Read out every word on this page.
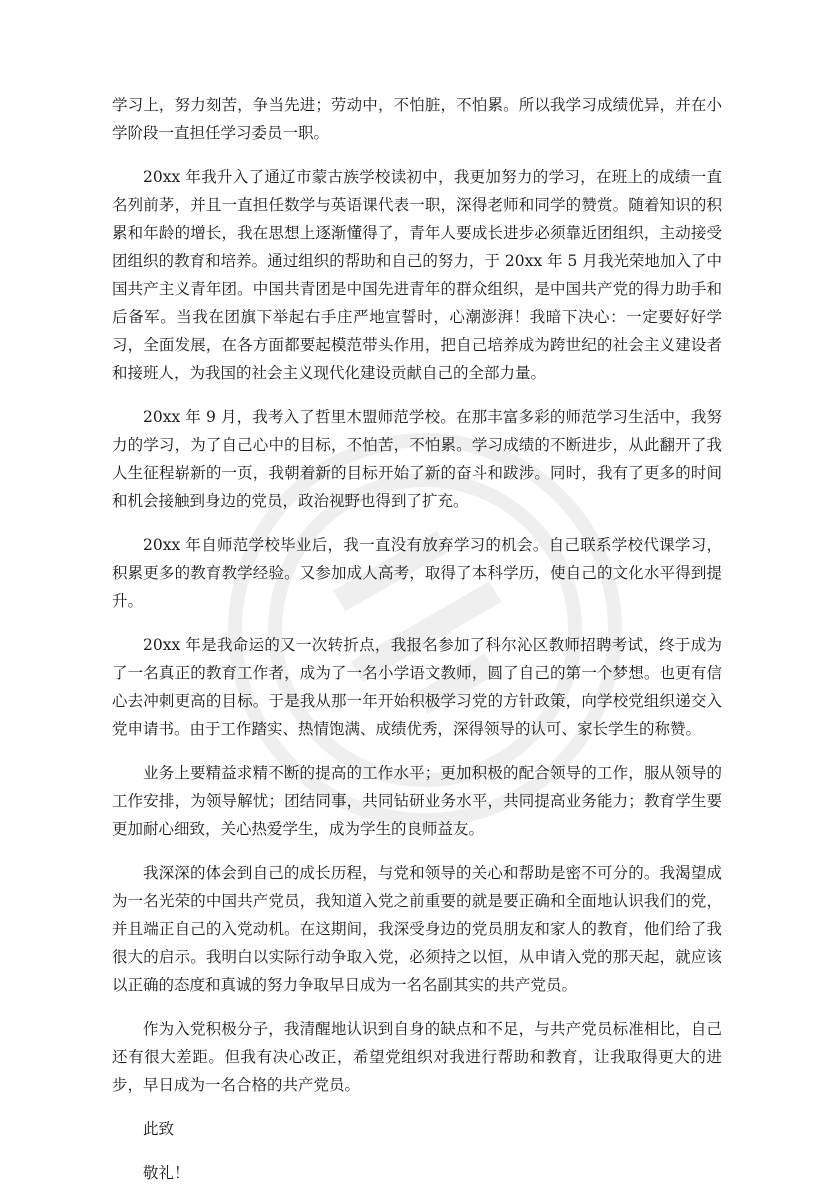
学习上，努力刻苦，争当先进；劳动中，不怕脏，不怕累。所以我学习成绩优异，并在小学阶段一直担任学习委员一职。

20xx 年我升入了通辽市蒙古族学校读初中，我更加努力的学习，在班上的成绩一直名列前茅，并且一直担任数学与英语课代表一职，深得老师和同学的赞赏。随着知识的积累和年龄的增长，我在思想上逐渐懂得了，青年人要成长进步必须靠近团组织，主动接受团组织的教育和培养。通过组织的帮助和自己的努力，于 20xx 年 5 月我光荣地加入了中国共产主义青年团。中国共青团是中国先进青年的群众组织，是中国共产党的得力助手和后备军。当我在团旗下举起右手庄严地宣誓时，心潮澎湃！我暗下决心：一定要好好学习，全面发展，在各方面都要起模范带头作用，把自己培养成为跨世纪的社会主义建设者和接班人，为我国的社会主义现代化建设贡献自己的全部力量。

20xx 年 9 月，我考入了哲里木盟师范学校。在那丰富多彩的师范学习生活中，我努力的学习，为了自己心中的目标，不怕苦，不怕累。学习成绩的不断进步，从此翻开了我人生征程崭新的一页，我朝着新的目标开始了新的奋斗和跋涉。同时，我有了更多的时间和机会接触到身边的党员，政治视野也得到了扩充。

20xx 年自师范学校毕业后，我一直没有放弃学习的机会。自己联系学校代课学习，积累更多的教育教学经验。又参加成人高考，取得了本科学历，使自己的文化水平得到提升。

20xx 年是我命运的又一次转折点，我报名参加了科尔沁区教师招聘考试，终于成为了一名真正的教育工作者，成为了一名小学语文教师，圆了自己的第一个梦想。也更有信心去冲刺更高的目标。于是我从那一年开始积极学习党的方针政策，向学校党组织递交入党申请书。由于工作踏实、热情饱满、成绩优秀，深得领导的认可、家长学生的称赞。

业务上要精益求精不断的提高的工作水平；更加积极的配合领导的工作，服从领导的工作安排，为领导解忧；团结同事，共同钻研业务水平，共同提高业务能力；教育学生要更加耐心细致，关心热爱学生，成为学生的良师益友。

我深深的体会到自己的成长历程，与党和领导的关心和帮助是密不可分的。我渴望成为一名光荣的中国共产党员，我知道入党之前重要的就是要正确和全面地认识我们的党，并且端正自己的入党动机。在这期间，我深受身边的党员朋友和家人的教育，他们给了我很大的启示。我明白以实际行动争取入党，必须持之以恒，从申请入党的那天起，就应该以正确的态度和真诚的努力争取早日成为一名名副其实的共产党员。

作为入党积极分子，我清醒地认识到自身的缺点和不足，与共产党员标准相比，自己还有很大差距。但我有决心改正，希望党组织对我进行帮助和教育，让我取得更大的进步，早日成为一名合格的共产党员。

此致

敬礼！
